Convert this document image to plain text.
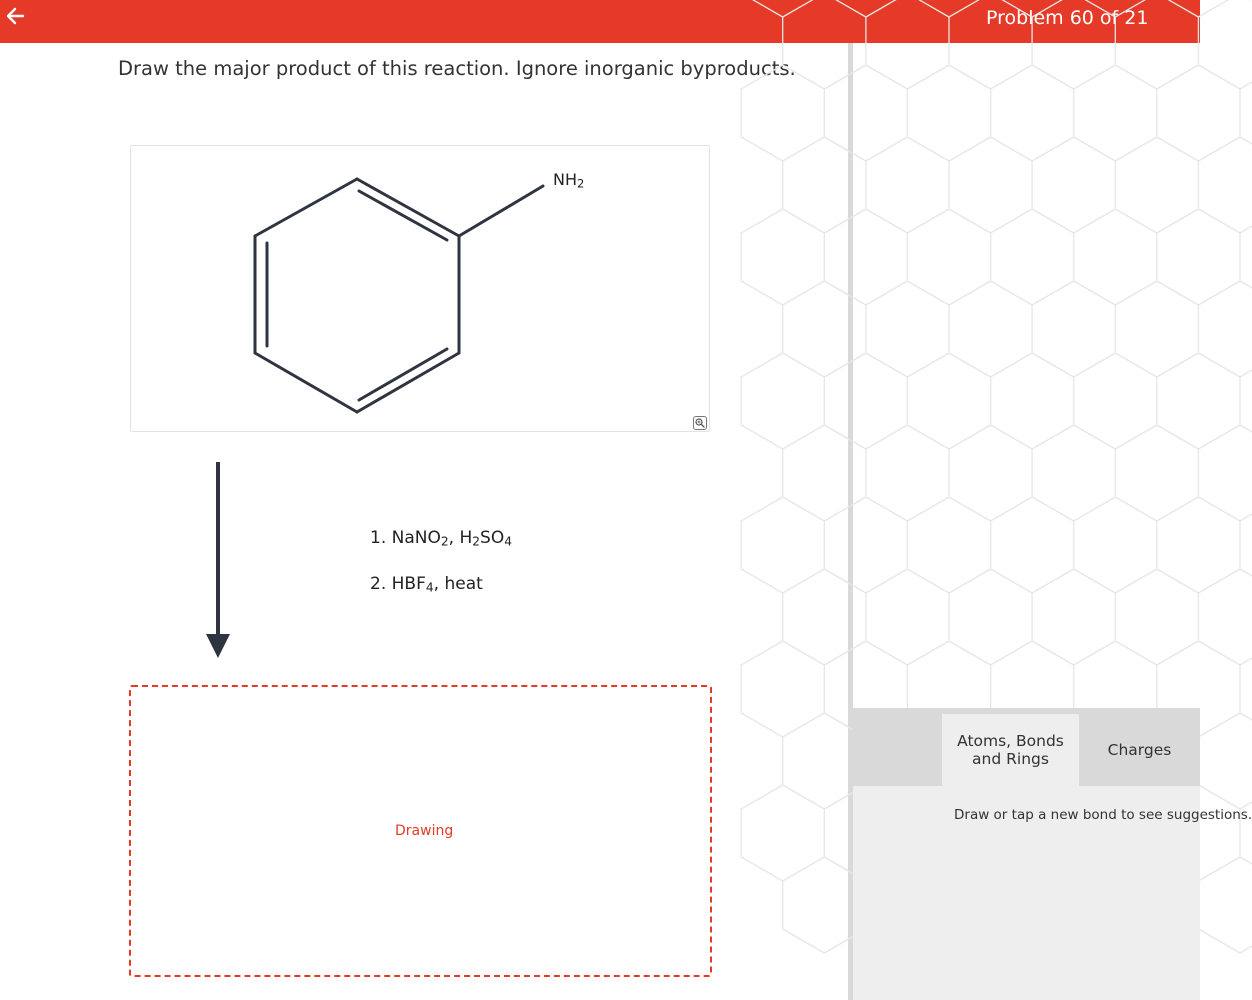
Problem 60 of 21
Draw the major product of this reaction. Ignore inorganic byproducts.
$NH_2$
1. NaNO$_2$, $H_2SO_4$
2. $HBF_4$, heat
Drawing
Atoms, Bonds and Rings	Charges
Draw or tap a new bond to see suggestions.
